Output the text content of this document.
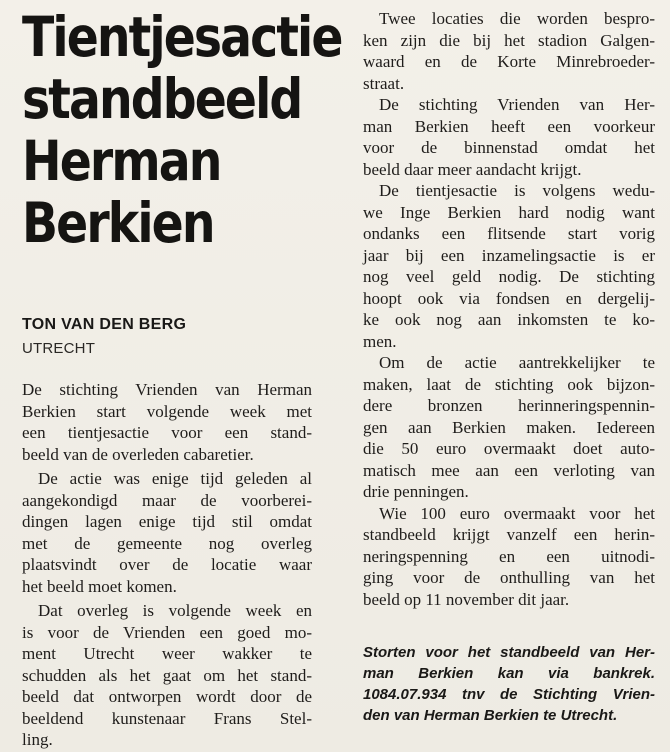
Tientjesactie
standbeeld
Herman
Berkien
TON VAN DEN BERG
UTRECHT
De stichting Vrienden van Herman
Berkien start volgende week met
een tientjesactie voor een stand-
beeld van de overleden cabaretier.
De actie was enige tijd geleden al
aangekondigd maar de voorberei-
dingen lagen enige tijd stil omdat
met de gemeente nog overleg
plaatsvindt over de locatie waar
het beeld moet komen.
Dat overleg is volgende week en
is voor de Vrienden een goed mo-
ment Utrecht weer wakker te
schudden als het gaat om het stand-
beeld dat ontworpen wordt door de
beeldend kunstenaar Frans Stel-
ling.
Twee locaties die worden bespro-
ken zijn die bij het stadion Galgen-
waard en de Korte Minrebroeder-
straat.
De stichting Vrienden van Her-
man Berkien heeft een voorkeur
voor de binnenstad omdat het
beeld daar meer aandacht krijgt.
De tientjesactie is volgens wedu-
we Inge Berkien hard nodig want
ondanks een flitsende start vorig
jaar bij een inzamelingsactie is er
nog veel geld nodig. De stichting
hoopt ook via fondsen en dergelij-
ke ook nog aan inkomsten te ko-
men.
Om de actie aantrekkelijker te
maken, laat de stichting ook bijzon-
dere bronzen herinneringspennin-
gen aan Berkien maken. Iedereen
die 50 euro overmaakt doet auto-
matisch mee aan een verloting van
drie penningen.
Wie 100 euro overmaakt voor het
standbeeld krijgt vanzelf een herin-
neringspenning en een uitnodi-
ging voor de onthulling van het
beeld op 11 november dit jaar.
Storten voor het standbeeld van Her-
man Berkien kan via bankrek.
1084.07.934 tnv de Stichting Vrien-
den van Herman Berkien te Utrecht.
